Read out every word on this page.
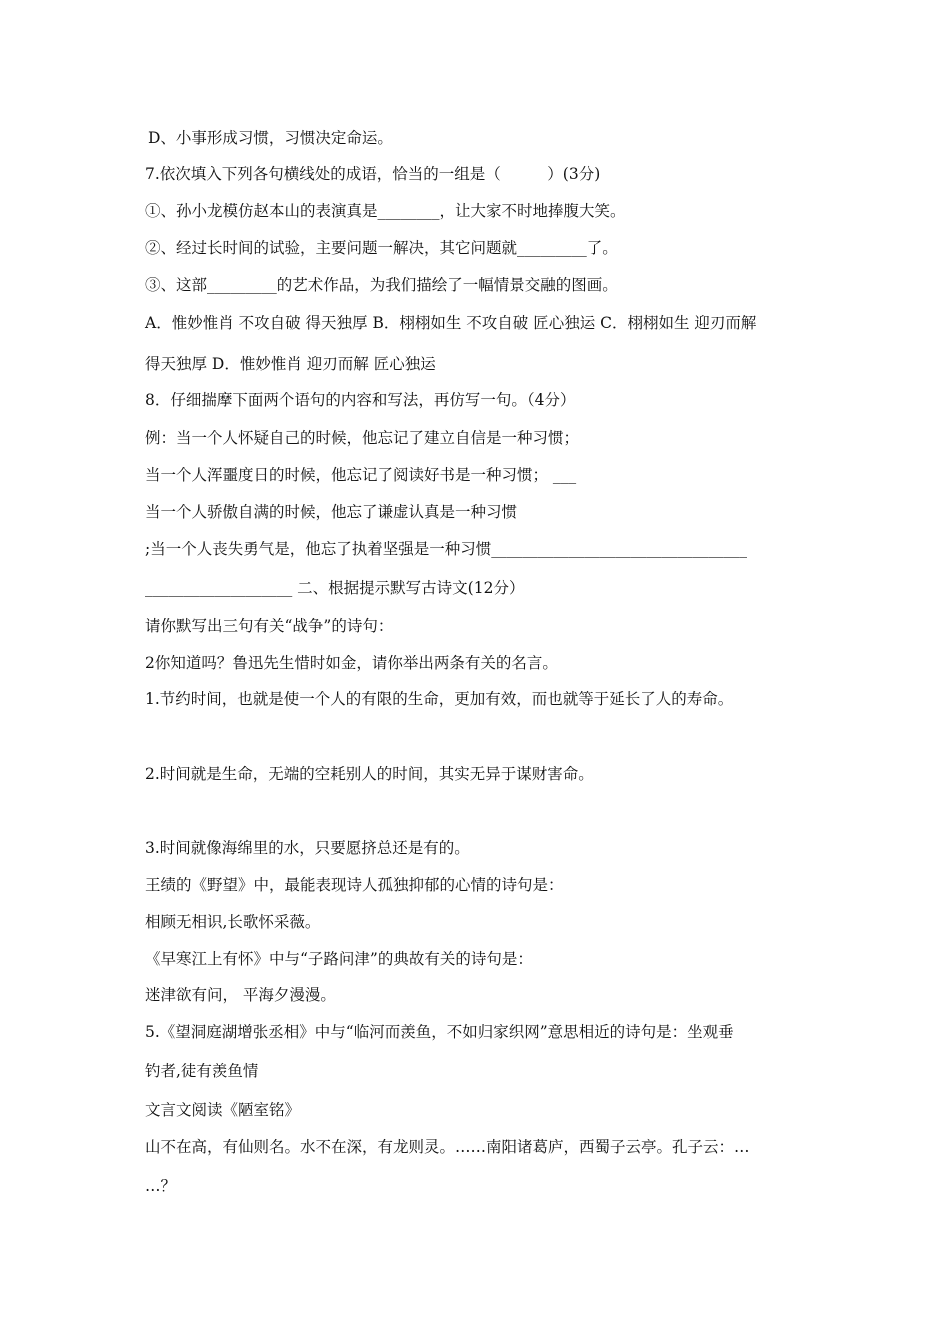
D、小事形成习惯，习惯决定命运。
7.依次填入下列各句横线处的成语，恰当的一组是（　　　）(3分)
①、孙小龙模仿赵本山的表演真是________，让大家不时地捧腹大笑。
②、经过长时间的试验，主要问题一解决，其它问题就_________了。
③、这部_________的艺术作品，为我们描绘了一幅情景交融的图画。
A．惟妙惟肖 不攻自破 得天独厚 B．栩栩如生 不攻自破 匠心独运 C．栩栩如生 迎刃而解
得天独厚 D．惟妙惟肖 迎刃而解 匠心独运
8．仔细揣摩下面两个语句的内容和写法，再仿写一句。（4分）
例：当一个人怀疑自己的时候，他忘记了建立自信是一种习惯；
当一个人浑噩度日的时候，他忘记了阅读好书是一种习惯； ___
当一个人骄傲自满的时候，他忘了谦虚认真是一种习惯
;当一个人丧失勇气是，他忘了执着坚强是一种习惯_________________________________
___________________ 二、根据提示默写古诗文(12分）
请你默写出三句有关“战争”的诗句：
2你知道吗？鲁迅先生惜时如金，请你举出两条有关的名言。
1.节约时间，也就是使一个人的有限的生命，更加有效，而也就等于延长了人的寿命。
2.时间就是生命，无端的空耗别人的时间，其实无异于谋财害命。
3.时间就像海绵里的水，只要愿挤总还是有的。
王绩的《野望》中，最能表现诗人孤独抑郁的心情的诗句是：
相顾无相识,长歌怀采薇。
《早寒江上有怀》中与“子路问津”的典故有关的诗句是：
迷津欲有问， 平海夕漫漫。
5.《望洞庭湖增张丞相》中与“临河而羡鱼，不如归家织网”意思相近的诗句是：坐观垂
钓者,徒有羡鱼情
文言文阅读《陋室铭》
山不在高，有仙则名。水不在深，有龙则灵。……南阳诸葛庐，西蜀子云亭。孔子云：…
…？
